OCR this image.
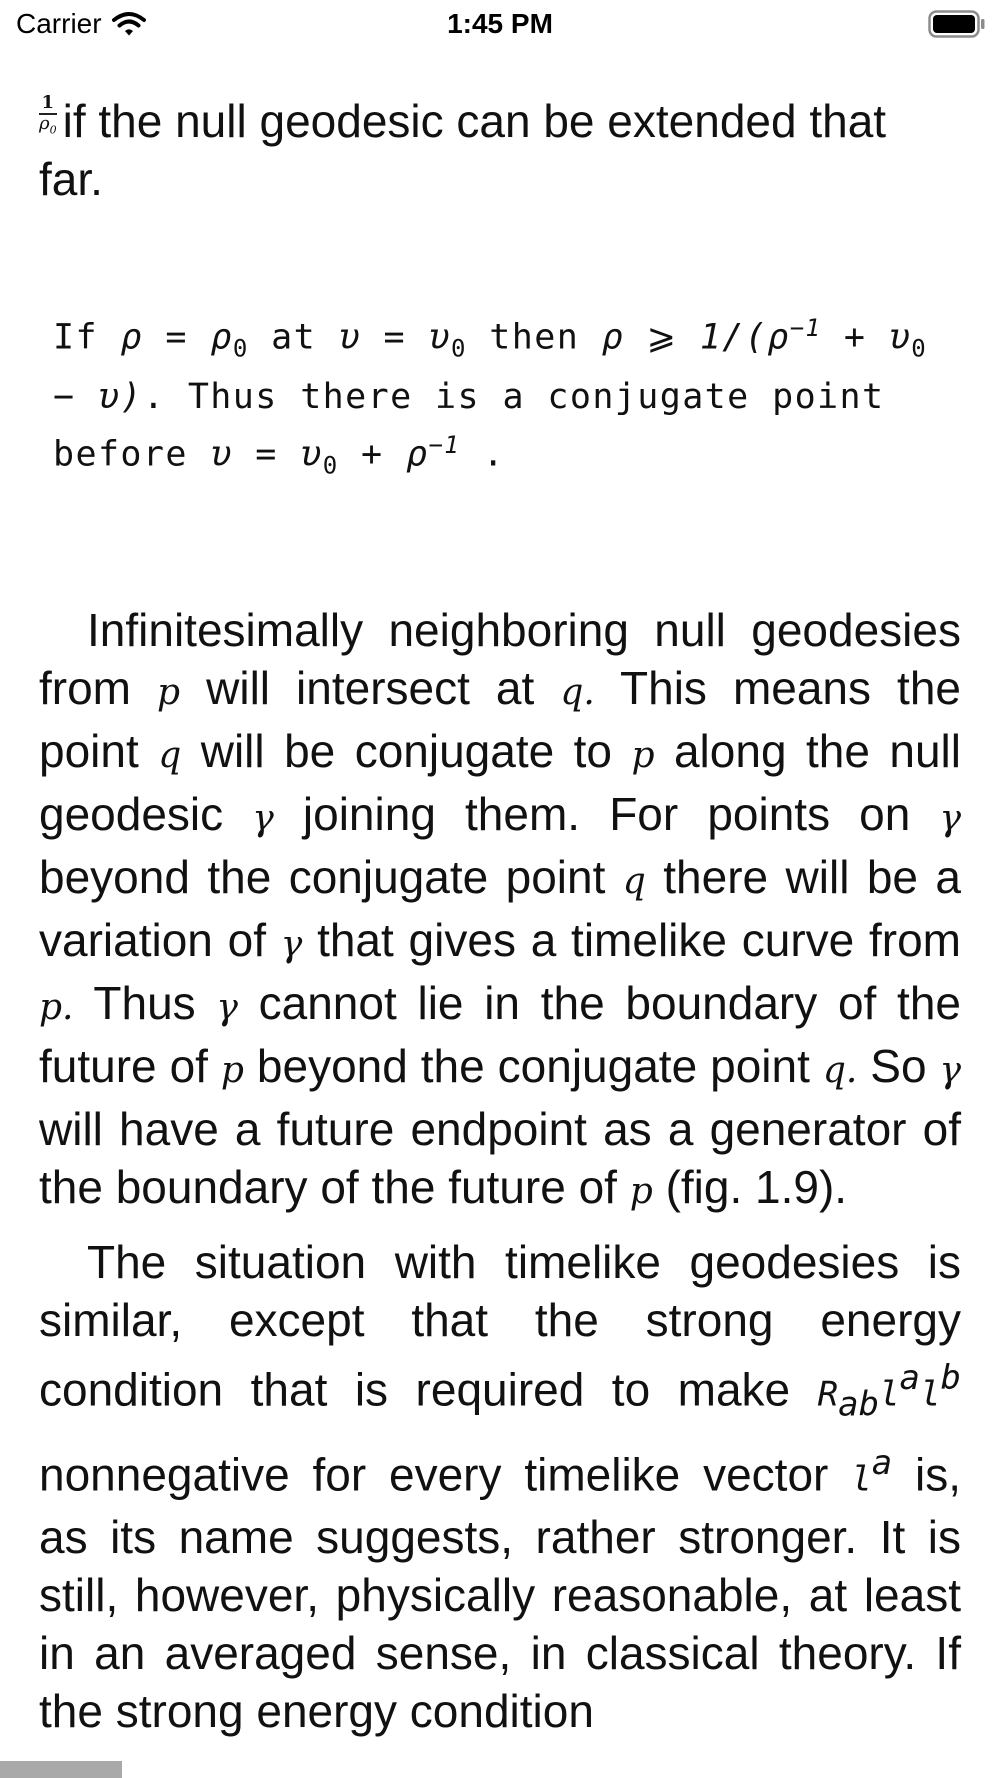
Carrier	1:45 PM

$\frac{1}{\rho_0}$ if the null geodesic can be extended that
far.

If $\rho = \rho_0$ at $\upsilon = \upsilon_0$ then ρ ⩾ $1/(\rho^{-1} + \upsilon_0$
− υ). Thus there is a conjugate point
before $\upsilon = \upsilon_0 + \rho^{-1}$ .

Infinitesimally neighboring null geodesies from p will intersect at q. This means the point q will be conjugate to p along the null geodesic γ joining them. For points on γ beyond the conjugate point q there will be a variation of γ that gives a timelike curve from p. Thus γ cannot lie in the boundary of the future of p beyond the conjugate point q. So γ will have a future endpoint as a generator of the boundary of the future of p (fig. 1.9).

The situation with timelike geodesies is similar, except that the strong energy condition that is required to make $R_{ab}l^al^b$ nonnegative for every timelike vector $l^a$ is, as its name suggests, rather stronger. It is still, however, physically reasonable, at least in an averaged sense, in classical theory. If the strong energy condition
